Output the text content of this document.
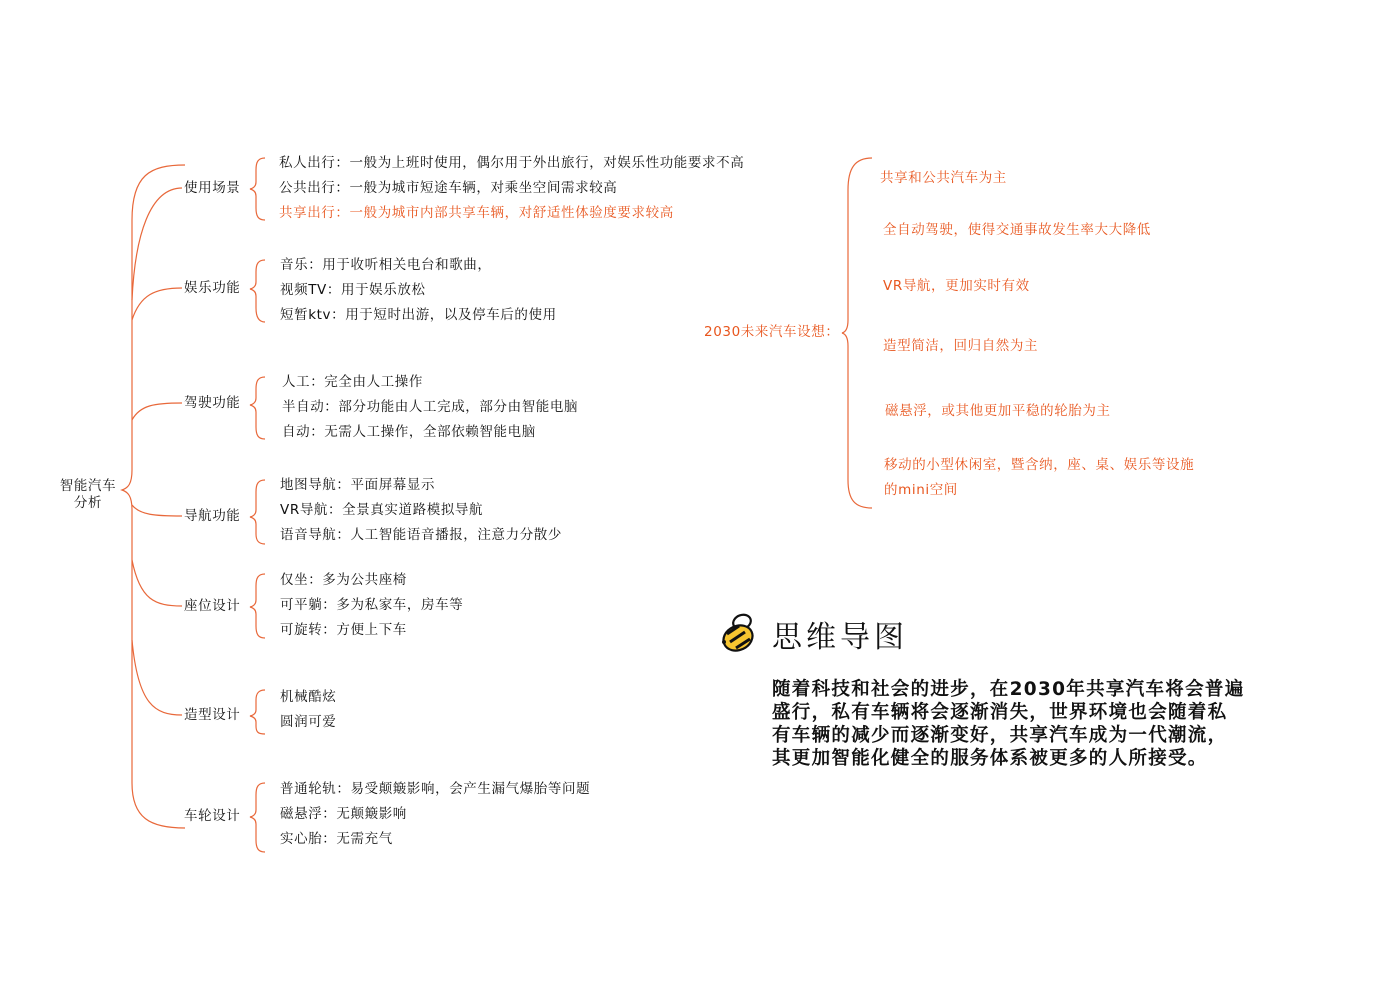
智能汽车
分析
使用场景
娱乐功能
驾驶功能
导航功能
座位设计
造型设计
车轮设计
私人出行：一般为上班时使用，偶尔用于外出旅行，对娱乐性功能要求不高
公共出行：一般为城市短途车辆，对乘坐空间需求较高
共享出行：一般为城市内部共享车辆，对舒适性体验度要求较高
音乐：用于收听相关电台和歌曲，
视频TV：用于娱乐放松
短暂ktv：用于短时出游，以及停车后的使用
人工：完全由人工操作
半自动：部分功能由人工完成，部分由智能电脑
自动：无需人工操作，全部依赖智能电脑
地图导航：平面屏幕显示
VR导航：全景真实道路模拟导航
语音导航：人工智能语音播报，注意力分散少
仅坐：多为公共座椅
可平躺：多为私家车，房车等
可旋转：方便上下车
机械酷炫
圆润可爱
普通轮轨：易受颠簸影响，会产生漏气爆胎等问题
磁悬浮：无颠簸影响
实心胎：无需充气
2030未来汽车设想：
共享和公共汽车为主
全自动驾驶，使得交通事故发生率大大降低
VR导航，更加实时有效
造型简洁，回归自然为主
磁悬浮，或其他更加平稳的轮胎为主
移动的小型休闲室，暨含纳，座、桌、娱乐等设施
的mini空间
思维导图
随着科技和社会的进步，在2030年共享汽车将会普遍
盛行，私有车辆将会逐渐消失，世界环境也会随着私
有车辆的减少而逐渐变好，共享汽车成为一代潮流，
其更加智能化健全的服务体系被更多的人所接受。
